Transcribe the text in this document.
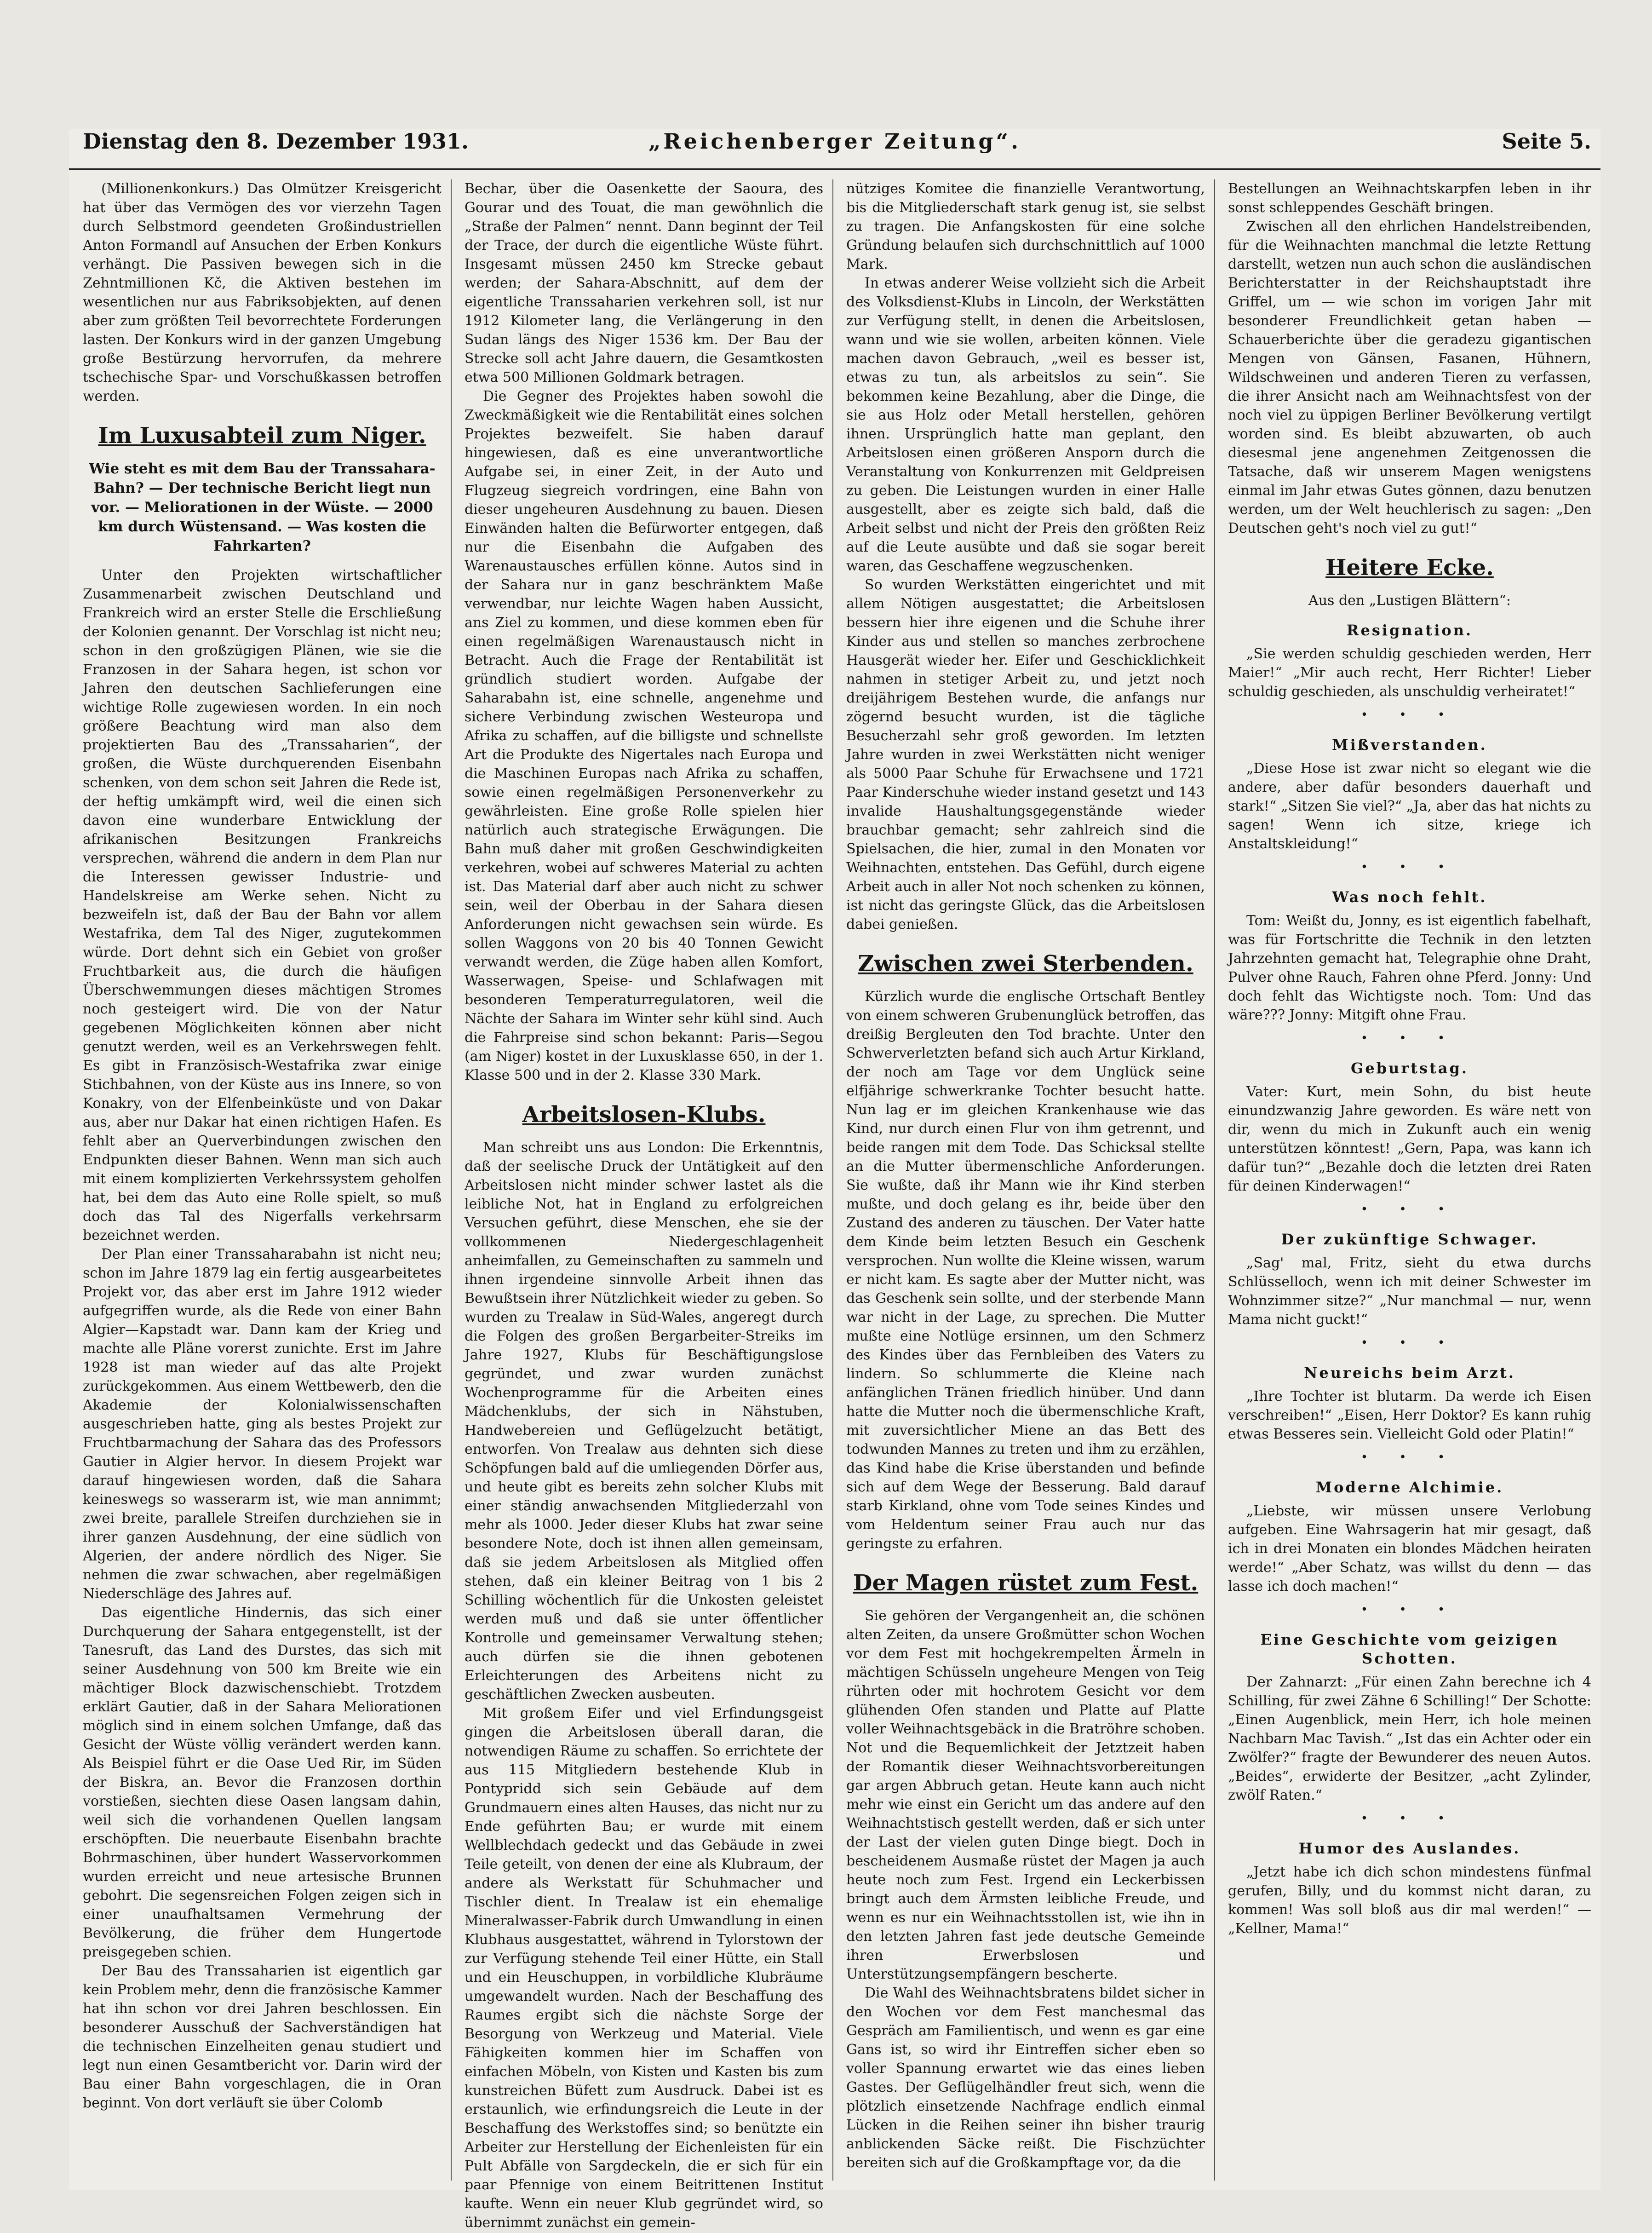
Dienstag den 8. Dezember 1931.	„Reichenberger Zeitung“.	Seite 5.

(Millionenkonkurs.) Das Olmützer Kreisgericht hat über das Vermögen des vor vierzehn Tagen durch Selbstmord geendeten Großindustriellen Anton Formandl auf Ansuchen der Erben Konkurs verhängt. Die Passiven bewegen sich in die Zehntmillionen Kč, die Aktiven bestehen im wesentlichen nur aus Fabriksobjekten, auf denen aber zum größten Teil bevorrechtete Forderungen lasten. Der Konkurs wird in der ganzen Umgebung große Bestürzung hervorrufen, da mehrere tschechische Spar- und Vorschußkassen betroffen werden.

Im Luxusabteil zum Niger.
Wie steht es mit dem Bau der Transsahara-Bahn? — Der technische Bericht liegt nun vor. — Meliorationen in der Wüste. — 2000 km durch Wüstensand. — Was kosten die Fahrkarten?

Unter den Projekten wirtschaftlicher Zusammenarbeit zwischen Deutschland und Frankreich wird an erster Stelle die Erschließung der Kolonien genannt. Der Vorschlag ist nicht neu; schon in den großzügigen Plänen, wie sie die Franzosen in der Sahara hegen, ist schon vor Jahren den deutschen Sachlieferungen eine wichtige Rolle zugewiesen worden. In ein noch größere Beachtung wird man also dem projektierten Bau des „Transsaharien“, der großen, die Wüste durchquerenden Eisenbahn schenken, von dem schon seit Jahren die Rede ist, der heftig umkämpft wird, weil die einen sich davon eine wunderbare Entwicklung der afrikanischen Besitzungen Frankreichs versprechen, während die andern in dem Plan nur die Interessen gewisser Industrie- und Handelskreise am Werke sehen. Nicht zu bezweifeln ist, daß der Bau der Bahn vor allem Westafrika, dem Tal des Niger, zugutekommen würde. Dort dehnt sich ein Gebiet von großer Fruchtbarkeit aus, die durch die häufigen Überschwemmungen dieses mächtigen Stromes noch gesteigert wird. Die von der Natur gegebenen Möglichkeiten können aber nicht genutzt werden, weil es an Verkehrswegen fehlt. Es gibt in Französisch-Westafrika zwar einige Stichbahnen, von der Küste aus ins Innere, so von Konakry, von der Elfenbeinküste und von Dakar aus, aber nur Dakar hat einen richtigen Hafen. Es fehlt aber an Querverbindungen zwischen den Endpunkten dieser Bahnen. Wenn man sich auch mit einem komplizierten Verkehrssystem geholfen hat, bei dem das Auto eine Rolle spielt, so muß doch das Tal des Nigerfalls verkehrsarm bezeichnet werden.

Der Plan einer Transsaharabahn ist nicht neu; schon im Jahre 1879 lag ein fertig ausgearbeitetes Projekt vor, das aber erst im Jahre 1912 wieder aufgegriffen wurde, als die Rede von einer Bahn Algier—Kapstadt war. Dann kam der Krieg und machte alle Pläne vorerst zunichte. Erst im Jahre 1928 ist man wieder auf das alte Projekt zurückgekommen. Aus einem Wettbewerb, den die Akademie der Kolonialwissenschaften ausgeschrieben hatte, ging als bestes Projekt zur Fruchtbarmachung der Sahara das des Professors Gautier in Algier hervor. In diesem Projekt war darauf hingewiesen worden, daß die Sahara keineswegs so wasserarm ist, wie man annimmt; zwei breite, parallele Streifen durchziehen sie in ihrer ganzen Ausdehnung, der eine südlich von Algerien, der andere nördlich des Niger. Sie nehmen die zwar schwachen, aber regelmäßigen Niederschläge des Jahres auf.

Das eigentliche Hindernis, das sich einer Durchquerung der Sahara entgegenstellt, ist der Tanesruft, das Land des Durstes, das sich mit seiner Ausdehnung von 500 km Breite wie ein mächtiger Block dazwischenschiebt. Trotzdem erklärt Gautier, daß in der Sahara Meliorationen möglich sind in einem solchen Umfange, daß das Gesicht der Wüste völlig verändert werden kann. Als Beispiel führt er die Oase Ued Rir, im Süden der Biskra, an. Bevor die Franzosen dorthin vorstießen, siechten diese Oasen langsam dahin, weil sich die vorhandenen Quellen langsam erschöpften. Die neuerbaute Eisenbahn brachte Bohrmaschinen, über hundert Wasservorkommen wurden erreicht und neue artesische Brunnen gebohrt. Die segensreichen Folgen zeigen sich in einer unaufhaltsamen Vermehrung der Bevölkerung, die früher dem Hungertode preisgegeben schien.

Der Bau des Transsaharien ist eigentlich gar kein Problem mehr, denn die französische Kammer hat ihn schon vor drei Jahren beschlossen. Ein besonderer Ausschuß der Sachverständigen hat die technischen Einzelheiten genau studiert und legt nun einen Gesamtbericht vor. Darin wird der Bau einer Bahn vorgeschlagen, die in Oran beginnt. Von dort verläuft sie über Colomb

Bechar, über die Oasenkette der Saoura, des Gourar und des Touat, die man gewöhnlich die „Straße der Palmen“ nennt. Dann beginnt der Teil der Trace, der durch die eigentliche Wüste führt. Insgesamt müssen 2450 km Strecke gebaut werden; der Sahara-Abschnitt, auf dem der eigentliche Transsaharien verkehren soll, ist nur 1912 Kilometer lang, die Verlängerung in den Sudan längs des Niger 1536 km. Der Bau der Strecke soll acht Jahre dauern, die Gesamtkosten etwa 500 Millionen Goldmark betragen.

Die Gegner des Projektes haben sowohl die Zweckmäßigkeit wie die Rentabilität eines solchen Projektes bezweifelt. Sie haben darauf hingewiesen, daß es eine unverantwortliche Aufgabe sei, in einer Zeit, in der Auto und Flugzeug siegreich vordringen, eine Bahn von dieser ungeheuren Ausdehnung zu bauen. Diesen Einwänden halten die Befürworter entgegen, daß nur die Eisenbahn die Aufgaben des Warenaustausches erfüllen könne. Autos sind in der Sahara nur in ganz beschränktem Maße verwendbar, nur leichte Wagen haben Aussicht, ans Ziel zu kommen, und diese kommen eben für einen regelmäßigen Warenaustausch nicht in Betracht. Auch die Frage der Rentabilität ist gründlich studiert worden. Aufgabe der Saharabahn ist, eine schnelle, angenehme und sichere Verbindung zwischen Westeuropa und Afrika zu schaffen, auf die billigste und schnellste Art die Produkte des Nigertales nach Europa und die Maschinen Europas nach Afrika zu schaffen, sowie einen regelmäßigen Personenverkehr zu gewährleisten. Eine große Rolle spielen hier natürlich auch strategische Erwägungen. Die Bahn muß daher mit großen Geschwindigkeiten verkehren, wobei auf schweres Material zu achten ist. Das Material darf aber auch nicht zu schwer sein, weil der Oberbau in der Sahara diesen Anforderungen nicht gewachsen sein würde. Es sollen Waggons von 20 bis 40 Tonnen Gewicht verwandt werden, die Züge haben allen Komfort, Wasserwagen, Speise- und Schlafwagen mit besonderen Temperaturregulatoren, weil die Nächte der Sahara im Winter sehr kühl sind. Auch die Fahrpreise sind schon bekannt: Paris—Segou (am Niger) kostet in der Luxusklasse 650, in der 1. Klasse 500 und in der 2. Klasse 330 Mark.

Arbeitslosen-Klubs.

Man schreibt uns aus London: Die Erkenntnis, daß der seelische Druck der Untätigkeit auf den Arbeitslosen nicht minder schwer lastet als die leibliche Not, hat in England zu erfolgreichen Versuchen geführt, diese Menschen, ehe sie der vollkommenen Niedergeschlagenheit anheimfallen, zu Gemeinschaften zu sammeln und ihnen irgendeine sinnvolle Arbeit ihnen das Bewußtsein ihrer Nützlichkeit wieder zu geben. So wurden zu Trealaw in Süd-Wales, angeregt durch die Folgen des großen Bergarbeiter-Streiks im Jahre 1927, Klubs für Beschäftigungslose gegründet, und zwar wurden zunächst Wochenprogramme für die Arbeiten eines Mädchenklubs, der sich in Nähstuben, Handwebereien und Geflügelzucht betätigt, entworfen. Von Trealaw aus dehnten sich diese Schöpfungen bald auf die umliegenden Dörfer aus, und heute gibt es bereits zehn solcher Klubs mit einer ständig anwachsenden Mitgliederzahl von mehr als 1000. Jeder dieser Klubs hat zwar seine besondere Note, doch ist ihnen allen gemeinsam, daß sie jedem Arbeitslosen als Mitglied offen stehen, daß ein kleiner Beitrag von 1 bis 2 Schilling wöchentlich für die Unkosten geleistet werden muß und daß sie unter öffentlicher Kontrolle und gemeinsamer Verwaltung stehen; auch dürfen sie die ihnen gebotenen Erleichterungen des Arbeitens nicht zu geschäftlichen Zwecken ausbeuten.

Mit großem Eifer und viel Erfindungsgeist gingen die Arbeitslosen überall daran, die notwendigen Räume zu schaffen. So errichtete der aus 115 Mitgliedern bestehende Klub in Pontypridd sich sein Gebäude auf dem Grundmauern eines alten Hauses, das nicht nur zu Ende geführten Bau; er wurde mit einem Wellblechdach gedeckt und das Gebäude in zwei Teile geteilt, von denen der eine als Klubraum, der andere als Werkstatt für Schuhmacher und Tischler dient. In Trealaw ist ein ehemalige Mineralwasser-Fabrik durch Umwandlung in einen Klubhaus ausgestattet, während in Tylorstown der zur Verfügung stehende Teil einer Hütte, ein Stall und ein Heuschuppen, in vorbildliche Klubräume umgewandelt wurden. Nach der Beschaffung des Raumes ergibt sich die nächste Sorge der Besorgung von Werkzeug und Material. Viele Fähigkeiten kommen hier im Schaffen von einfachen Möbeln, von Kisten und Kasten bis zum kunstreichen Büfett zum Ausdruck. Dabei ist es erstaunlich, wie erfindungsreich die Leute in der Beschaffung des Werkstoffes sind; so benützte ein Arbeiter zur Herstellung der Eichenleisten für ein Pult Abfälle von Sargdeckeln, die er sich für ein paar Pfennige von einem Beitrittenen Institut kaufte. Wenn ein neuer Klub gegründet wird, so übernimmt zunächst ein gemein-

nütziges Komitee die finanzielle Verantwortung, bis die Mitgliederschaft stark genug ist, sie selbst zu tragen. Die Anfangskosten für eine solche Gründung belaufen sich durchschnittlich auf 1000 Mark.

In etwas anderer Weise vollzieht sich die Arbeit des Volksdienst-Klubs in Lincoln, der Werkstätten zur Verfügung stellt, in denen die Arbeitslosen, wann und wie sie wollen, arbeiten können. Viele machen davon Gebrauch, „weil es besser ist, etwas zu tun, als arbeitslos zu sein“. Sie bekommen keine Bezahlung, aber die Dinge, die sie aus Holz oder Metall herstellen, gehören ihnen. Ursprünglich hatte man geplant, den Arbeitslosen einen größeren Ansporn durch die Veranstaltung von Konkurrenzen mit Geldpreisen zu geben. Die Leistungen wurden in einer Halle ausgestellt, aber es zeigte sich bald, daß die Arbeit selbst und nicht der Preis den größten Reiz auf die Leute ausübte und daß sie sogar bereit waren, das Geschaffene wegzuschenken.

So wurden Werkstätten eingerichtet und mit allem Nötigen ausgestattet; die Arbeitslosen bessern hier ihre eigenen und die Schuhe ihrer Kinder aus und stellen so manches zerbrochene Hausgerät wieder her. Eifer und Geschicklichkeit nahmen in stetiger Arbeit zu, und jetzt noch dreijährigem Bestehen wurde, die anfangs nur zögernd besucht wurden, ist die tägliche Besucherzahl sehr groß geworden. Im letzten Jahre wurden in zwei Werkstätten nicht weniger als 5000 Paar Schuhe für Erwachsene und 1721 Paar Kinderschuhe wieder instand gesetzt und 143 invalide Haushaltungsgegenstände wieder brauchbar gemacht; sehr zahlreich sind die Spielsachen, die hier, zumal in den Monaten vor Weihnachten, entstehen. Das Gefühl, durch eigene Arbeit auch in aller Not noch schenken zu können, ist nicht das geringste Glück, das die Arbeitslosen dabei genießen.

Zwischen zwei Sterbenden.

Kürzlich wurde die englische Ortschaft Bentley von einem schweren Grubenunglück betroffen, das dreißig Bergleuten den Tod brachte. Unter den Schwerverletzten befand sich auch Artur Kirkland, der noch am Tage vor dem Unglück seine elfjährige schwerkranke Tochter besucht hatte. Nun lag er im gleichen Krankenhause wie das Kind, nur durch einen Flur von ihm getrennt, und beide rangen mit dem Tode. Das Schicksal stellte an die Mutter übermenschliche Anforderungen. Sie wußte, daß ihr Mann wie ihr Kind sterben mußte, und doch gelang es ihr, beide über den Zustand des anderen zu täuschen. Der Vater hatte dem Kinde beim letzten Besuch ein Geschenk versprochen. Nun wollte die Kleine wissen, warum er nicht kam. Es sagte aber der Mutter nicht, was das Geschenk sein sollte, und der sterbende Mann war nicht in der Lage, zu sprechen. Die Mutter mußte eine Notlüge ersinnen, um den Schmerz des Kindes über das Fernbleiben des Vaters zu lindern. So schlummerte die Kleine nach anfänglichen Tränen friedlich hinüber. Und dann hatte die Mutter noch die übermenschliche Kraft, mit zuversichtlicher Miene an das Bett des todwunden Mannes zu treten und ihm zu erzählen, das Kind habe die Krise überstanden und befinde sich auf dem Wege der Besserung. Bald darauf starb Kirkland, ohne vom Tode seines Kindes und vom Heldentum seiner Frau auch nur das geringste zu erfahren.

Der Magen rüstet zum Fest.

Sie gehören der Vergangenheit an, die schönen alten Zeiten, da unsere Großmütter schon Wochen vor dem Fest mit hochgekrempelten Ärmeln in mächtigen Schüsseln ungeheure Mengen von Teig rührten oder mit hochrotem Gesicht vor dem glühenden Ofen standen und Platte auf Platte voller Weihnachtsgebäck in die Bratröhre schoben. Not und die Bequemlichkeit der Jetztzeit haben der Romantik dieser Weihnachtsvorbereitungen gar argen Abbruch getan. Heute kann auch nicht mehr wie einst ein Gericht um das andere auf den Weihnachtstisch gestellt werden, daß er sich unter der Last der vielen guten Dinge biegt. Doch in bescheidenem Ausmaße rüstet der Magen ja auch heute noch zum Fest. Irgend ein Leckerbissen bringt auch dem Ärmsten leibliche Freude, und wenn es nur ein Weihnachtsstollen ist, wie ihn in den letzten Jahren fast jede deutsche Gemeinde ihren Erwerbslosen und Unterstützungsempfängern bescherte.

Die Wahl des Weihnachtsbratens bildet sicher in den Wochen vor dem Fest manchesmal das Gespräch am Familientisch, und wenn es gar eine Gans ist, so wird ihr Eintreffen sicher eben so voller Spannung erwartet wie das eines lieben Gastes. Der Geflügelhändler freut sich, wenn die plötzlich einsetzende Nachfrage endlich einmal Lücken in die Reihen seiner ihn bisher traurig anblickenden Säcke reißt. Die Fischzüchter bereiten sich auf die Großkampftage vor, da die

Bestellungen an Weihnachtskarpfen leben in ihr sonst schleppendes Geschäft bringen.

Zwischen all den ehrlichen Handelstreibenden, für die Weihnachten manchmal die letzte Rettung darstellt, wetzen nun auch schon die ausländischen Berichterstatter in der Reichshauptstadt ihre Griffel, um — wie schon im vorigen Jahr mit besonderer Freundlichkeit getan haben — Schauerberichte über die geradezu gigantischen Mengen von Gänsen, Fasanen, Hühnern, Wildschweinen und anderen Tieren zu verfassen, die ihrer Ansicht nach am Weihnachtsfest von der noch viel zu üppigen Berliner Bevölkerung vertilgt worden sind. Es bleibt abzuwarten, ob auch diesesmal jene angenehmen Zeitgenossen die Tatsache, daß wir unserem Magen wenigstens einmal im Jahr etwas Gutes gönnen, dazu benutzen werden, um der Welt heuchlerisch zu sagen: „Den Deutschen geht's noch viel zu gut!“

Heitere Ecke.

Aus den „Lustigen Blättern“:

Resignation.

„Sie werden schuldig geschieden werden, Herr Maier!“ „Mir auch recht, Herr Richter! Lieber schuldig geschieden, als unschuldig verheiratet!“

• • •
Mißverstanden.

„Diese Hose ist zwar nicht so elegant wie die andere, aber dafür besonders dauerhaft und stark!“ „Sitzen Sie viel?“ „Ja, aber das hat nichts zu sagen! Wenn ich sitze, kriege ich Anstaltskleidung!“

• • •
Was noch fehlt.

Tom: Weißt du, Jonny, es ist eigentlich fabelhaft, was für Fortschritte die Technik in den letzten Jahrzehnten gemacht hat, Telegraphie ohne Draht, Pulver ohne Rauch, Fahren ohne Pferd. Jonny: Und doch fehlt das Wichtigste noch. Tom: Und das wäre??? Jonny: Mitgift ohne Frau.

• • •
Geburtstag.

Vater: Kurt, mein Sohn, du bist heute einundzwanzig Jahre geworden. Es wäre nett von dir, wenn du mich in Zukunft auch ein wenig unterstützen könntest! „Gern, Papa, was kann ich dafür tun?“ „Bezahle doch die letzten drei Raten für deinen Kinderwagen!“

• • •
Der zukünftige Schwager.

„Sag' mal, Fritz, sieht du etwa durchs Schlüsselloch, wenn ich mit deiner Schwester im Wohnzimmer sitze?“ „Nur manchmal — nur, wenn Mama nicht guckt!“

• • •
Neureichs beim Arzt.

„Ihre Tochter ist blutarm. Da werde ich Eisen verschreiben!“ „Eisen, Herr Doktor? Es kann ruhig etwas Besseres sein. Vielleicht Gold oder Platin!“

• • •
Moderne Alchimie.

„Liebste, wir müssen unsere Verlobung aufgeben. Eine Wahrsagerin hat mir gesagt, daß ich in drei Monaten ein blondes Mädchen heiraten werde!“ „Aber Schatz, was willst du denn — das lasse ich doch machen!“

• • •
Eine Geschichte vom geizigen Schotten.

Der Zahnarzt: „Für einen Zahn berechne ich 4 Schilling, für zwei Zähne 6 Schilling!“ Der Schotte: „Einen Augenblick, mein Herr, ich hole meinen Nachbarn Mac Tavish.“ „Ist das ein Achter oder ein Zwölfer?“ fragte der Bewunderer des neuen Autos. „Beides“, erwiderte der Besitzer, „acht Zylinder, zwölf Raten.“

• • •
Humor des Auslandes.

„Jetzt habe ich dich schon mindestens fünfmal gerufen, Billy, und du kommst nicht daran, zu kommen! Was soll bloß aus dir mal werden!“ — „Kellner, Mama!“
